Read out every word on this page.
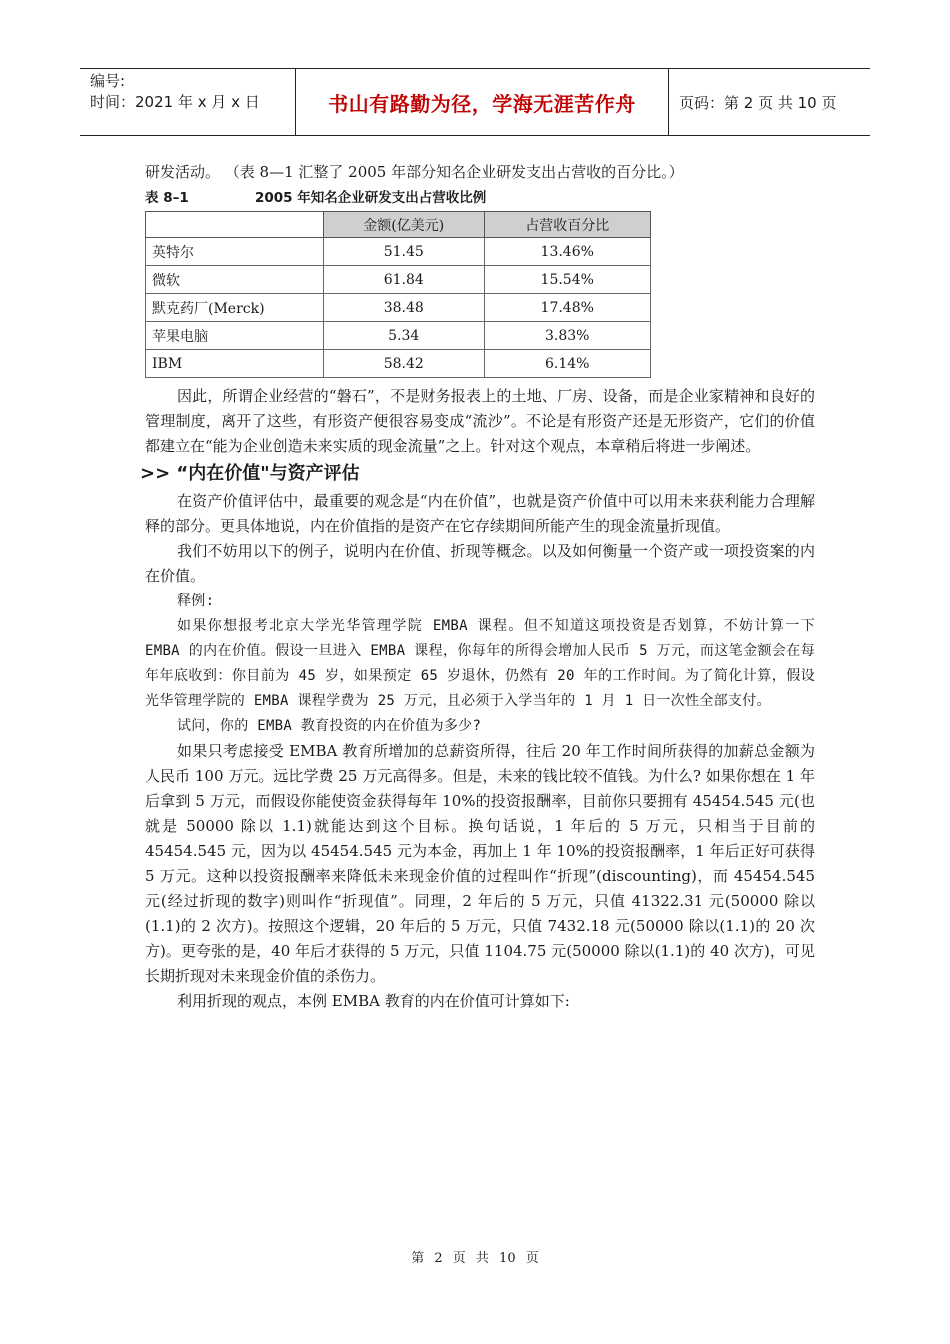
编号:
时间：2021 年 x 月 x 日	书山有路勤为径，学海无涯苦作舟	页码：第 2 页 共 10 页

研发活动。 （表 8—1 汇整了 2005 年部分知名企业研发支出占营收的百分比。）

表 8–1	2005 年知名企业研发支出占营收比例
	金额(亿美元)	占营收百分比
英特尔	51.45	13.46%
微软	61.84	15.54%
默克药厂(Merck)	38.48	17.48%
苹果电脑	5.34	3.83%
IBM	58.42	6.14%

因此，所谓企业经营的“磐石”，不是财务报表上的土地、厂房、设备，而是企业家精神和良好的管理制度，离开了这些，有形资产便很容易变成“流沙”。不论是有形资产还是无形资产，它们的价值都建立在“能为企业创造未来实质的现金流量”之上。针对这个观点，本章稍后将进一步阐述。

>> “内在价值"与资产评估

在资产价值评估中，最重要的观念是“内在价值”，也就是资产价值中可以用未来获利能力合理解释的部分。更具体地说，内在价值指的是资产在它存续期间所能产生的现金流量折现值。

我们不妨用以下的例子，说明内在价值、折现等概念。以及如何衡量一个资产或一项投资案的内在价值。

释例:

如果你想报考北京大学光华管理学院 EMBA 课程。但不知道这项投资是否划算，不妨计算一下 EMBA 的内在价值。假设一旦进入 EMBA 课程，你每年的所得会增加人民币 5 万元，而这笔金额会在每年年底收到：你目前为 45 岁，如果预定 65 岁退休，仍然有 20 年的工作时间。为了简化计算，假设光华管理学院的 EMBA 课程学费为 25 万元，且必须于入学当年的 1 月 1 日一次性全部支付。

试问，你的 EMBA 教育投资的内在价值为多少?

如果只考虑接受 EMBA 教育所增加的总薪资所得，往后 20 年工作时间所获得的加薪总金额为人民币 100 万元。远比学费 25 万元高得多。但是，未来的钱比较不值钱。为什么? 如果你想在 1 年后拿到 5 万元，而假设你能使资金获得每年 10%的投资报酬率，目前你只要拥有 45454.545 元(也就是 50000 除以 1.1)就能达到这个目标。换句话说，1 年后的 5 万元，只相当于目前的 45454.545 元，因为以 45454.545 元为本金，再加上 1 年 10%的投资报酬率，1 年后正好可获得 5 万元。这种以投资报酬率来降低未来现金价值的过程叫作“折现”(discounting)，而 45454.545 元(经过折现的数字)则叫作“折现值”。同理，2 年后的 5 万元，只值 41322.31 元(50000 除以(1.1)的 2 次方)。按照这个逻辑，20 年后的 5 万元，只值 7432.18 元(50000 除以(1.1)的 20 次方)。更夸张的是，40 年后才获得的 5 万元，只值 1104.75 元(50000 除以(1.1)的 40 次方)，可见长期折现对未来现金价值的杀伤力。

利用折现的观点，本例 EMBA 教育的内在价值可计算如下:

第 2 页 共 10 页
